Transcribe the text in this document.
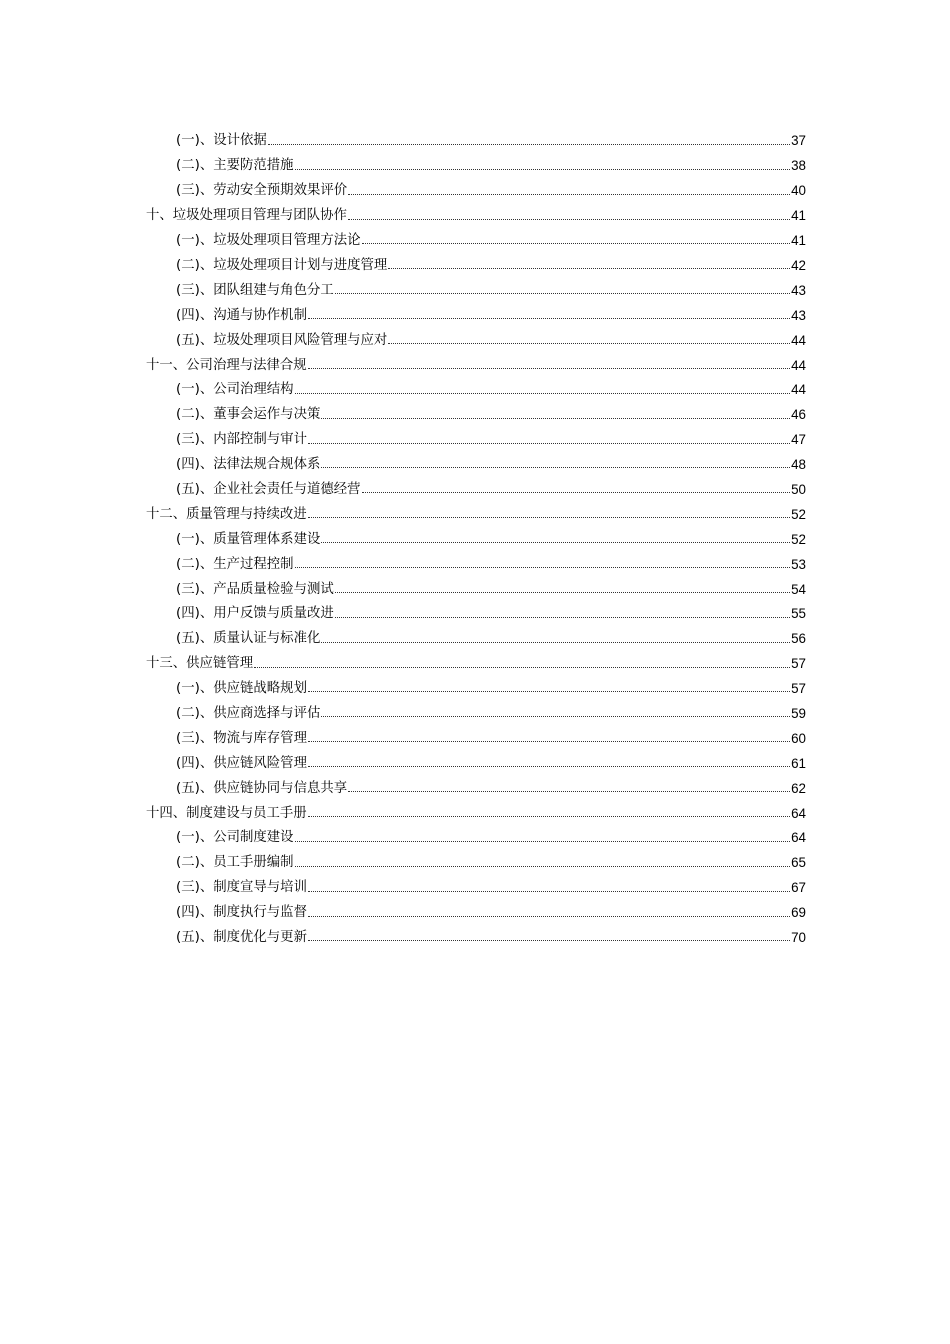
(一)、设计依据	37
(二)、主要防范措施	38
(三)、劳动安全预期效果评价	40
十、垃圾处理项目管理与团队协作	41
(一)、垃圾处理项目管理方法论	41
(二)、垃圾处理项目计划与进度管理	42
(三)、团队组建与角色分工	43
(四)、沟通与协作机制	43
(五)、垃圾处理项目风险管理与应对	44
十一、公司治理与法律合规	44
(一)、公司治理结构	44
(二)、董事会运作与决策	46
(三)、内部控制与审计	47
(四)、法律法规合规体系	48
(五)、企业社会责任与道德经营	50
十二、质量管理与持续改进	52
(一)、质量管理体系建设	52
(二)、生产过程控制	53
(三)、产品质量检验与测试	54
(四)、用户反馈与质量改进	55
(五)、质量认证与标准化	56
十三、供应链管理	57
(一)、供应链战略规划	57
(二)、供应商选择与评估	59
(三)、物流与库存管理	60
(四)、供应链风险管理	61
(五)、供应链协同与信息共享	62
十四、制度建设与员工手册	64
(一)、公司制度建设	64
(二)、员工手册编制	65
(三)、制度宣导与培训	67
(四)、制度执行与监督	69
(五)、制度优化与更新	70
